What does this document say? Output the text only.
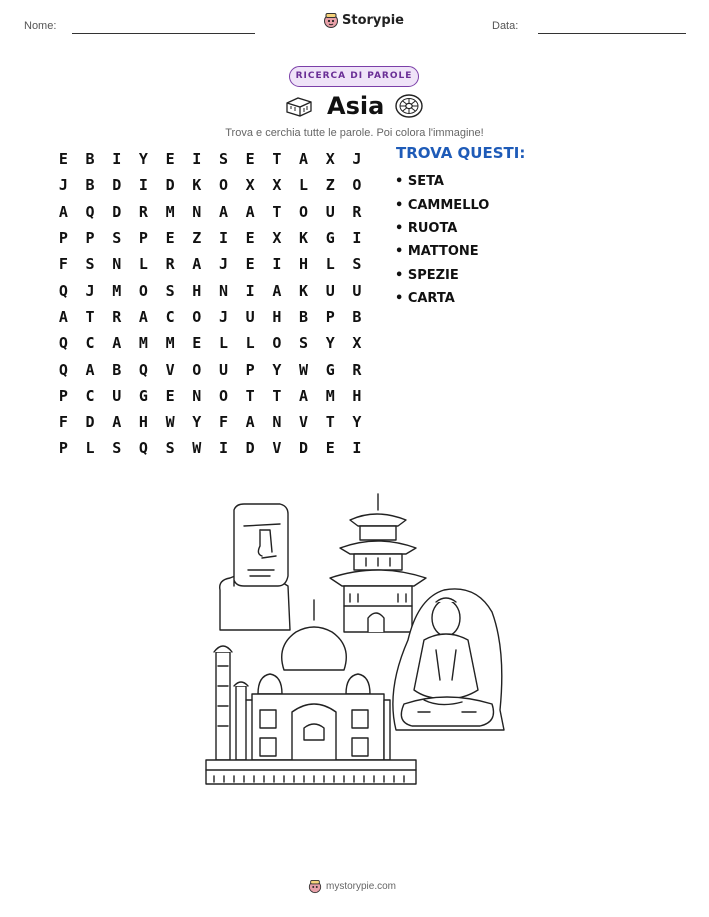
Nome:	Storypie	Data:
RICERCA DI PAROLE
Asia
Trova e cerchia tutte le parole. Poi colora l'immagine!
E	B	I	Y	E	I	S	E	T	A	X	J
J	B	D	I	D	K	O	X	X	L	Z	O
A	Q	D	R	M	N	A	A	T	O	U	R
P	P	S	P	E	Z	I	E	X	K	G	I
F	S	N	L	R	A	J	E	I	H	L	S
Q	J	M	O	S	H	N	I	A	K	U	U
A	T	R	A	C	O	J	U	H	B	P	B
Q	C	A	M	M	E	L	L	O	S	Y	X
Q	A	B	Q	V	O	U	P	Y	W	G	R
P	C	U	G	E	N	O	T	T	A	M	H
F	D	A	H	W	Y	F	A	N	V	T	Y
P	L	S	Q	S	W	I	D	V	D	E	I
TROVA QUESTI:
• SETA
• CAMMELLO
• RUOTA
• MATTONE
• SPEZIE
• CARTA
mystorypie.com
